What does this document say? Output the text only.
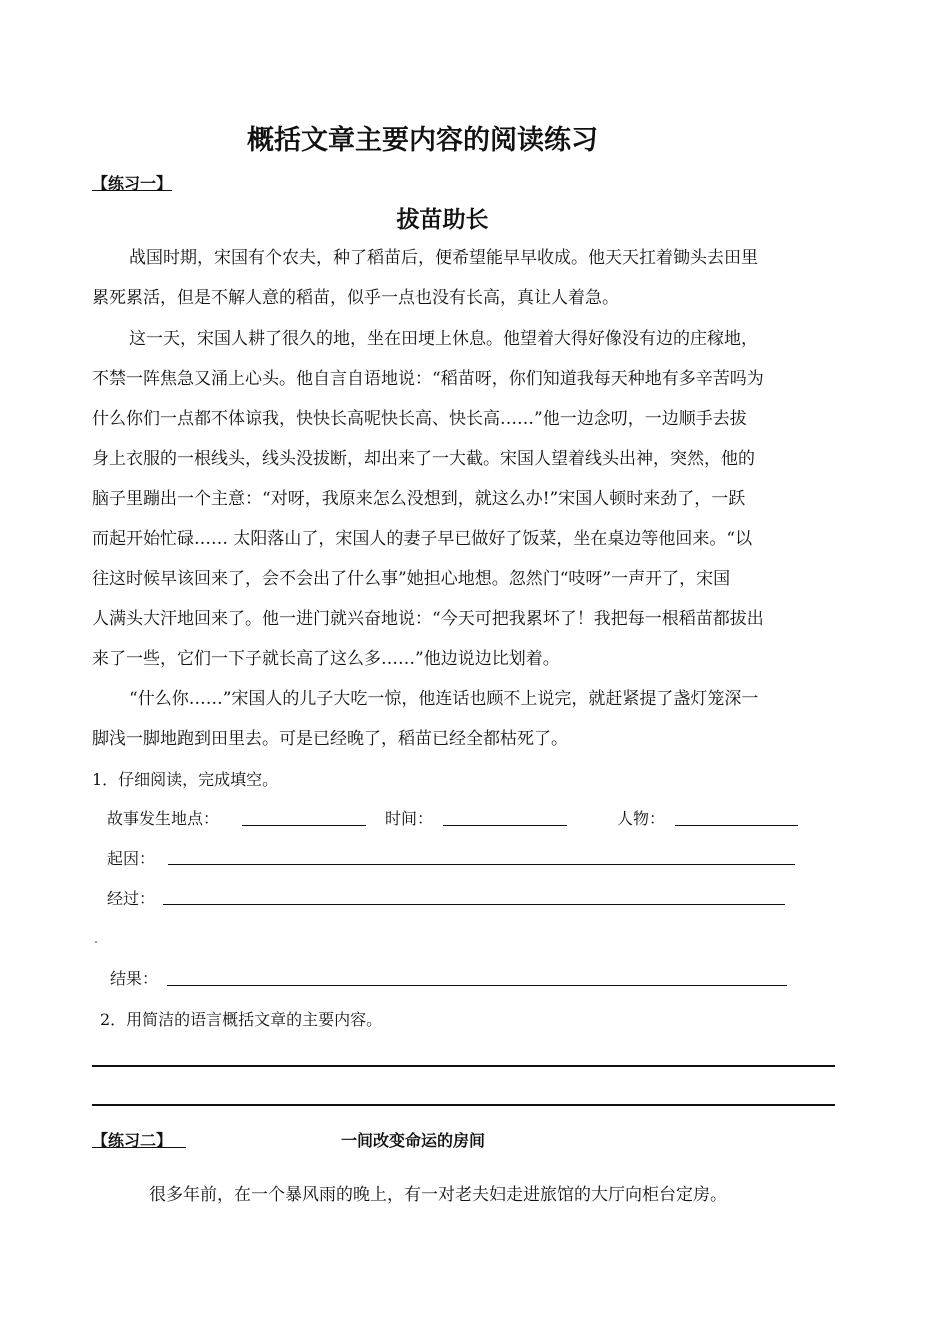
概括文章主要内容的阅读练习
【练习一】
拔苗助长
战国时期，宋国有个农夫，种了稻苗后，便希望能早早收成。他天天扛着锄头去田里
累死累活，但是不解人意的稻苗，似乎一点也没有长高，真让人着急。
这一天，宋国人耕了很久的地，坐在田埂上休息。他望着大得好像没有边的庄稼地，
不禁一阵焦急又涌上心头。他自言自语地说：“稻苗呀，你们知道我每天种地有多辛苦吗为
什么你们一点都不体谅我，快快长高呢快长高、快长高……”他一边念叨，一边顺手去拔
身上衣服的一根线头，线头没拔断，却出来了一大截。宋国人望着线头出神，突然，他的
脑子里蹦出一个主意：“对呀，我原来怎么没想到，就这么办!”宋国人顿时来劲了，一跃
而起开始忙碌…… 太阳落山了，宋国人的妻子早已做好了饭菜，坐在桌边等他回来。“以
往这时候早该回来了，会不会出了什么事”她担心地想。忽然门“吱呀”一声开了，宋国
人满头大汗地回来了。他一进门就兴奋地说：“今天可把我累坏了！我把每一根稻苗都拔出
来了一些，它们一下子就长高了这么多……”他边说边比划着。
“什么你……”宋国人的儿子大吃一惊，他连话也顾不上说完，就赶紧提了盏灯笼深一
脚浅一脚地跑到田里去。可是已经晚了，稻苗已经全都枯死了。
1．仔细阅读，完成填空。
故事发生地点：	时间：	人物：
起因：
经过：
结果：
2．用简洁的语言概括文章的主要内容。
【练习二】	一间改变命运的房间
很多年前，在一个暴风雨的晚上，有一对老夫妇走进旅馆的大厅向柜台定房。
